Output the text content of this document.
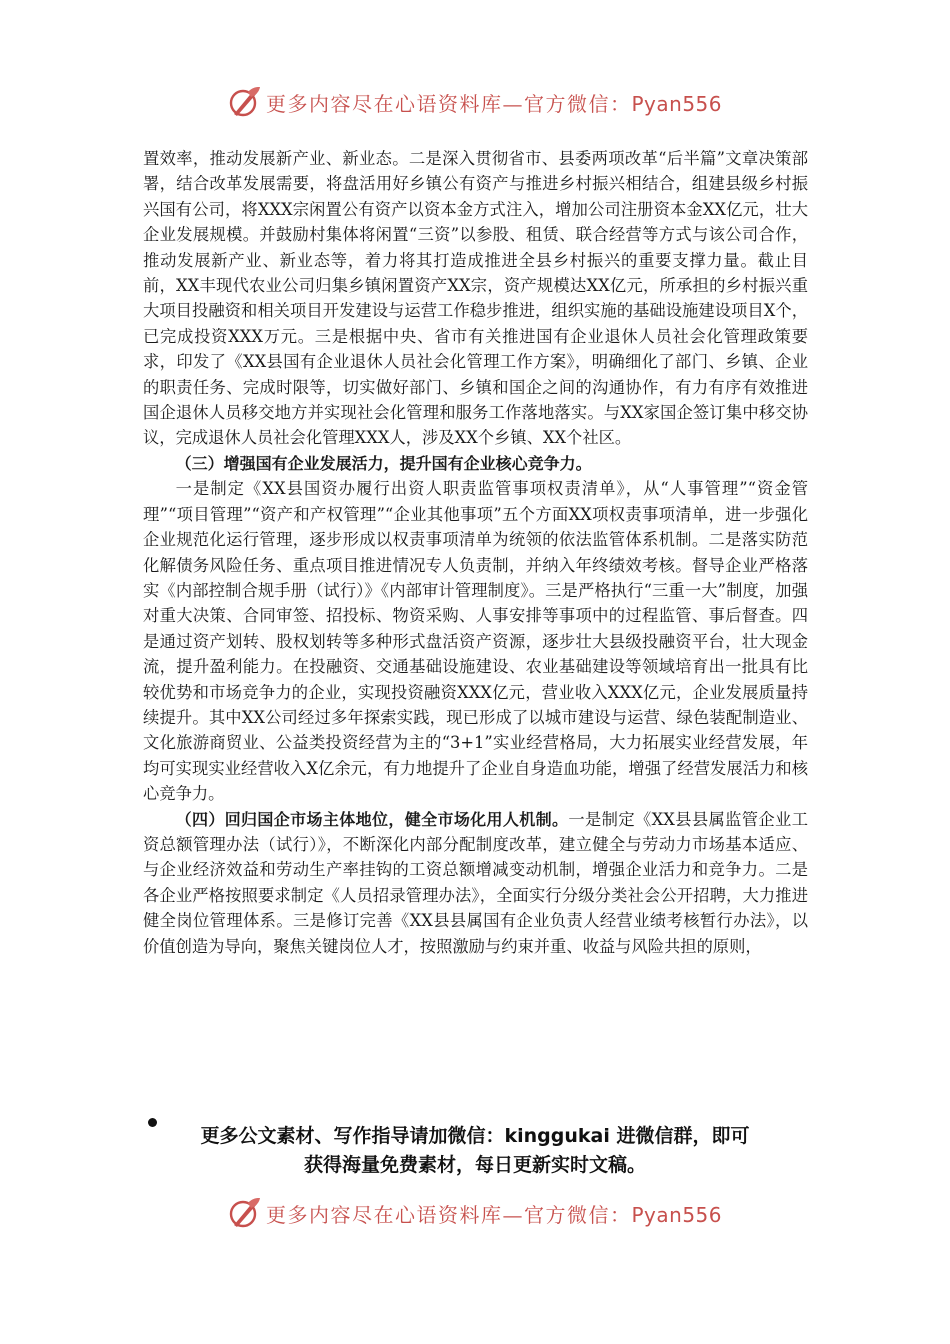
更多内容尽在心语资料库—官方微信：Pyan556

置效率，推动发展新产业、新业态。二是深入贯彻省市、县委两项改革“后半篇”文章决策部署，结合改革发展需要，将盘活用好乡镇公有资产与推进乡村振兴相结合，组建县级乡村振兴国有公司，将XXX宗闲置公有资产以资本金方式注入，增加公司注册资本金XX亿元，壮大企业发展规模。并鼓励村集体将闲置“三资”以参股、租赁、联合经营等方式与该公司合作，推动发展新产业、新业态等，着力将其打造成推进全县乡村振兴的重要支撑力量。截止目前，XX丰现代农业公司归集乡镇闲置资产XX宗，资产规模达XX亿元，所承担的乡村振兴重大项目投融资和相关项目开发建设与运营工作稳步推进，组织实施的基础设施建设项目X个，已完成投资XXX万元。三是根据中央、省市有关推进国有企业退休人员社会化管理政策要求，印发了《XX县国有企业退休人员社会化管理工作方案》，明确细化了部门、乡镇、企业的职责任务、完成时限等，切实做好部门、乡镇和国企之间的沟通协作，有力有序有效推进国企退休人员移交地方并实现社会化管理和服务工作落地落实。与XX家国企签订集中移交协议，完成退休人员社会化管理XXX人，涉及XX个乡镇、XX个社区。

（三）增强国有企业发展活力，提升国有企业核心竞争力。

一是制定《XX县国资办履行出资人职责监管事项权责清单》，从“人事管理”“资金管理”“项目管理”“资产和产权管理”“企业其他事项”五个方面XX项权责事项清单，进一步强化企业规范化运行管理，逐步形成以权责事项清单为统领的依法监管体系机制。二是落实防范化解债务风险任务、重点项目推进情况专人负责制，并纳入年终绩效考核。督导企业严格落实《内部控制合规手册（试行）》《内部审计管理制度》。三是严格执行“三重一大”制度，加强对重大决策、合同审签、招投标、物资采购、人事安排等事项中的过程监管、事后督查。四是通过资产划转、股权划转等多种形式盘活资产资源，逐步壮大县级投融资平台，壮大现金流，提升盈利能力。在投融资、交通基础设施建设、农业基础建设等领域培育出一批具有比较优势和市场竞争力的企业，实现投资融资XXX亿元，营业收入XXX亿元，企业发展质量持续提升。其中XX公司经过多年探索实践，现已形成了以城市建设与运营、绿色装配制造业、文化旅游商贸业、公益类投资经营为主的“3+1”实业经营格局，大力拓展实业经营发展，年均可实现实业经营收入X亿余元，有力地提升了企业自身造血功能，增强了经营发展活力和核心竞争力。

（四）回归国企市场主体地位，健全市场化用人机制。一是制定《XX县县属监管企业工资总额管理办法（试行）》，不断深化内部分配制度改革，建立健全与劳动力市场基本适应、与企业经济效益和劳动生产率挂钩的工资总额增减变动机制，增强企业活力和竞争力。二是各企业严格按照要求制定《人员招录管理办法》，全面实行分级分类社会公开招聘，大力推进健全岗位管理体系。三是修订完善《XX县县属国有企业负责人经营业绩考核暂行办法》，以价值创造为导向，聚焦关键岗位人才，按照激励与约束并重、收益与风险共担的原则，

更多公文素材、写作指导请加微信：kinggukai 进微信群，即可
获得海量免费素材，每日更新实时文稿。
更多内容尽在心语资料库—官方微信：Pyan556
